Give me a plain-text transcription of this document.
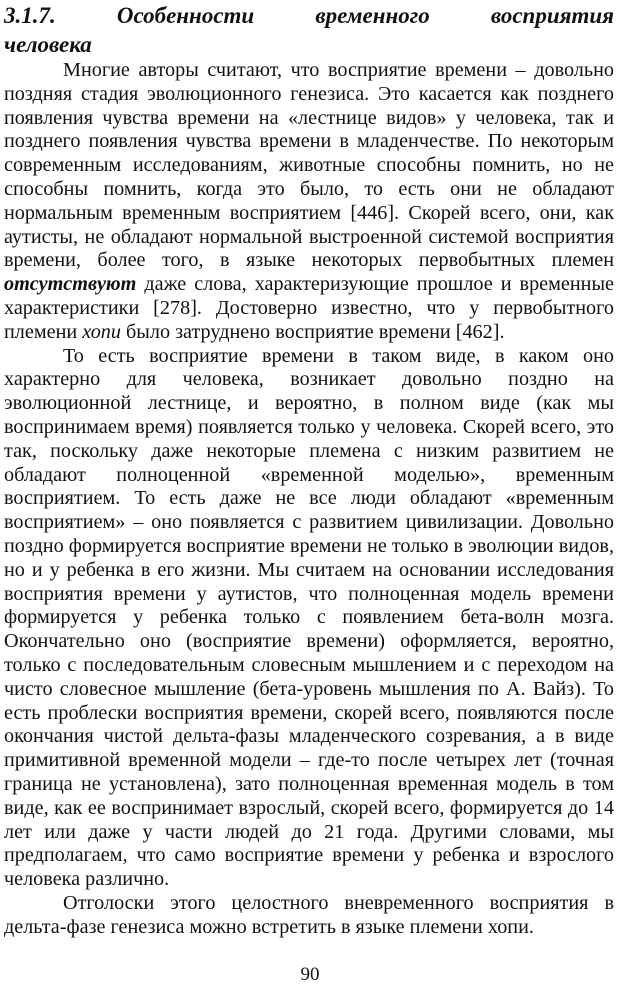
3.1.7.	Особенности	временного	восприятия
человека
Многие авторы считают, что восприятие времени – довольно
поздняя стадия эволюционного генезиса. Это касается как позднего
появления чувства времени на «лестнице видов» у человека, так и
позднего появления чувства времени в младенчестве. По некоторым
современным исследованиям, животные способны помнить, но не
способны помнить, когда это было, то есть они не обладают
нормальным временным восприятием [446]. Скорей всего, они, как
аутисты, не обладают нормальной выстроенной системой восприятия
времени, более того, в языке некоторых первобытных племен
отсутствуют даже слова, характеризующие прошлое и временные
характеристики [278]. Достоверно известно, что у первобытного
племени хопи было затруднено восприятие времени [462].
То есть восприятие времени в таком виде, в каком оно
характерно для человека, возникает довольно поздно на
эволюционной лестнице, и вероятно, в полном виде (как мы
воспринимаем время) появляется только у человека. Скорей всего, это
так, поскольку даже некоторые племена с низким развитием не
обладают полноценной «временной моделью», временным
восприятием. То есть даже не все люди обладают «временным
восприятием» – оно появляется с развитием цивилизации. Довольно
поздно формируется восприятие времени не только в эволюции видов,
но и у ребенка в его жизни. Мы считаем на основании исследования
восприятия времени у аутистов, что полноценная модель времени
формируется у ребенка только с появлением бета-волн мозга.
Окончательно оно (восприятие времени) оформляется, вероятно,
только с последовательным словесным мышлением и с переходом на
чисто словесное мышление (бета-уровень мышления по А. Вайз). То
есть проблески восприятия времени, скорей всего, появляются после
окончания чистой дельта-фазы младенческого созревания, а в виде
примитивной временной модели – где-то после четырех лет (точная
граница не установлена), зато полноценная временная модель в том
виде, как ее воспринимает взрослый, скорей всего, формируется до 14
лет или даже у части людей до 21 года. Другими словами, мы
предполагаем, что само восприятие времени у ребенка и взрослого
человека различно.
Отголоски этого целостного вневременного восприятия в
дельта-фазе генезиса можно встретить в языке племени хопи.
90
